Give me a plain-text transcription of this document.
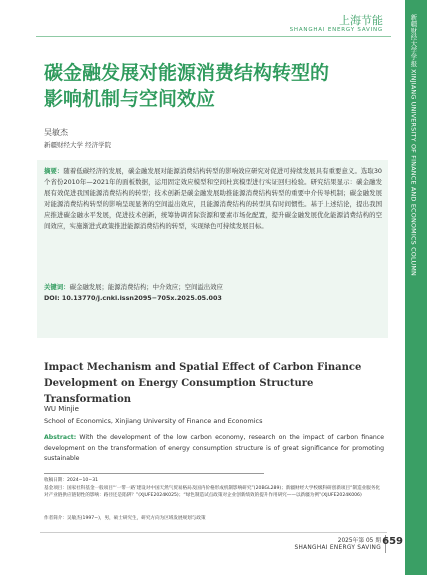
新疆财经大学学报 XINJIANG UNIVERSITY OF FINANCE AND ECONOMICS COLUMN
上海节能
SHANGHAI ENERGY SAVING
碳金融发展对能源消费结构转型的
影响机制与空间效应
吴敏杰
新疆财经大学 经济学院
摘要：随着低碳经济的发展，碳金融发展对能源消费结构转型的影响效应研究对促进可持续发展具有重要意义。选取30个省份2010年—2021年的面板数据，运用固定效应模型和空间杜宾模型进行实证回归检验。研究结果显示：碳金融发展有效促进我国能源消费结构的转型；技术创新是碳金融发展助推能源消费结构转型的重要中介传导机制；碳金融发展对能源消费结构转型的影响呈现显著的空间溢出效应，且能源消费结构的转型具有时间惯性。基于上述结论，提出我国应推进碳金融水平发展，促进技术创新，统筹协调省际资源和要素市场化配置，提升碳金融发展优化能源消费结构的空间效应，实施渐进式政策推进能源消费结构的转型，实现绿色可持续发展目标。
关键词：碳金融发展；能源消费结构；中介效应；空间溢出效应
DOI: 10.13770/j.cnki.issn2095−705x.2025.05.003
Impact Mechanism and Spatial Effect of Carbon Finance Development on Energy Consumption Structure Transformation
WU Minjie
School of Economics, Xinjiang University of Finance and Economics
Abstract: With the development of the low carbon economy, research on the impact of carbon finance development on the transformation of energy consumption structure is of great significance for promoting sustainable
收稿日期：2024−10−31
基金项目：国家社科基金一般项目“‘一带一路’建设对中国天然气贸易格局及国内价格形成机制影响研究”(20BGL289)；新疆财经大学校级科研创新项目“制造业服务化对产业链供应链韧性的影响：路径还是陷阱？”(XJUFE2024K025)；“绿色制造试点政策对企业创新绩效的提升作用研究——以新疆为例”(XJUFE2024K006)
作者简介：吴敏杰(1997−)，男，硕士研究生，研究方向为区域发展规划与政策
2025年第 05 期
SHANGHAI ENERGY SAVING
659
